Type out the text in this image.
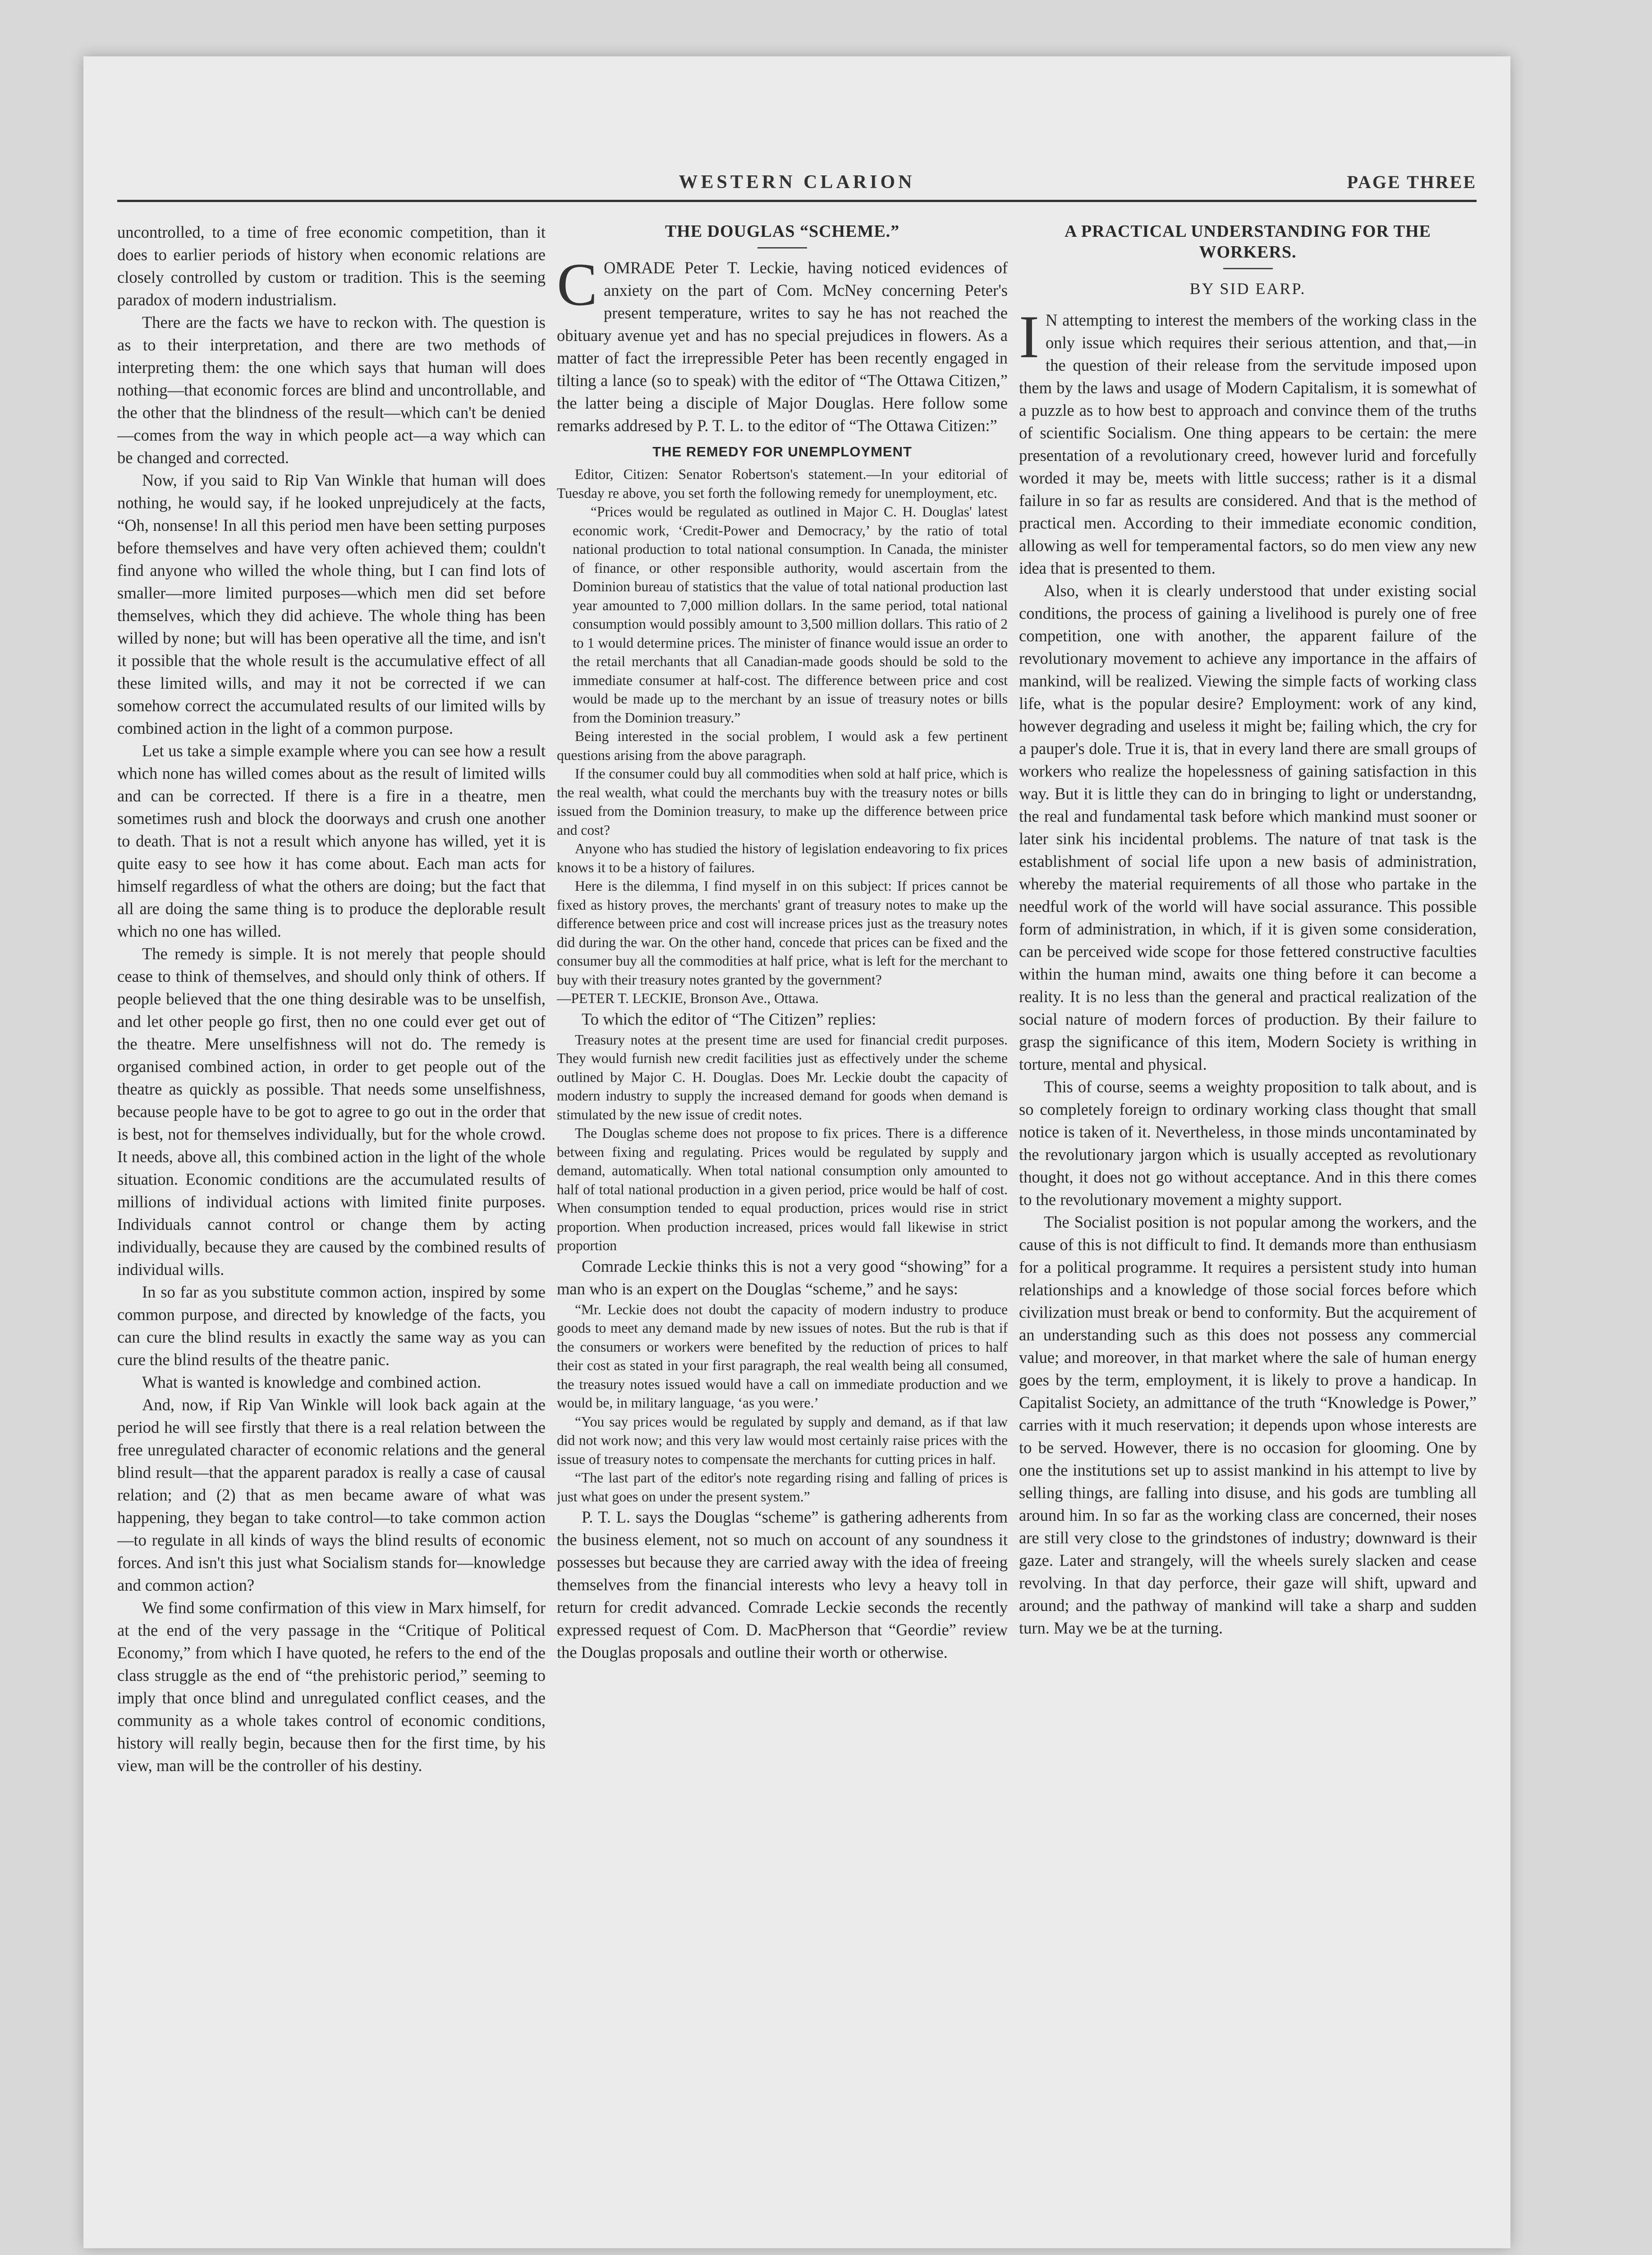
WESTERN CLARION	PAGE THREE

uncontrolled, to a time of free economic competition, than it does to earlier periods of history when economic relations are closely controlled by custom or tradition. This is the seeming paradox of modern industrialism.

There are the facts we have to reckon with. The question is as to their interpretation, and there are two methods of interpreting them: the one which says that human will does nothing—that economic forces are blind and uncontrollable, and the other that the blindness of the result—which can't be denied—comes from the way in which people act—a way which can be changed and corrected.

Now, if you said to Rip Van Winkle that human will does nothing, he would say, if he looked unprejudicely at the facts, “Oh, nonsense! In all this period men have been setting purposes before themselves and have very often achieved them; couldn't find anyone who willed the whole thing, but I can find lots of smaller—more limited purposes—which men did set before themselves, which they did achieve. The whole thing has been willed by none; but will has been operative all the time, and isn't it possible that the whole result is the accumulative effect of all these limited wills, and may it not be corrected if we can somehow correct the accumulated results of our limited wills by combined action in the light of a common purpose.

Let us take a simple example where you can see how a result which none has willed comes about as the result of limited wills and can be corrected. If there is a fire in a theatre, men sometimes rush and block the doorways and crush one another to death. That is not a result which anyone has willed, yet it is quite easy to see how it has come about. Each man acts for himself regardless of what the others are doing; but the fact that all are doing the same thing is to produce the deplorable result which no one has willed.

The remedy is simple. It is not merely that people should cease to think of themselves, and should only think of others. If people believed that the one thing desirable was to be unselfish, and let other people go first, then no one could ever get out of the theatre. Mere unselfishness will not do. The remedy is organised combined action, in order to get people out of the theatre as quickly as possible. That needs some unselfishness, because people have to be got to agree to go out in the order that is best, not for themselves individually, but for the whole crowd. It needs, above all, this combined action in the light of the whole situation. Economic conditions are the accumulated results of millions of individual actions with limited finite purposes. Individuals cannot control or change them by acting individually, because they are caused by the combined results of individual wills.

In so far as you substitute common action, inspired by some common purpose, and directed by knowledge of the facts, you can cure the blind results in exactly the same way as you can cure the blind results of the theatre panic.

What is wanted is knowledge and combined action.

And, now, if Rip Van Winkle will look back again at the period he will see firstly that there is a real relation between the free unregulated character of economic relations and the general blind result—that the apparent paradox is really a case of causal relation; and (2) that as men became aware of what was happening, they began to take control—to take common action—to regulate in all kinds of ways the blind results of economic forces. And isn't this just what Socialism stands for—knowledge and common action?

We find some confirmation of this view in Marx himself, for at the end of the very passage in the “Critique of Political Economy,” from which I have quoted, he refers to the end of the class struggle as the end of “the prehistoric period,” seeming to imply that once blind and unregulated conflict ceases, and the community as a whole takes control of economic conditions, history will really begin, because then for the first time, by his view, man will be the controller of his destiny.

THE DOUGLAS “SCHEME.”

COMRADE Peter T. Leckie, having noticed evidences of anxiety on the part of Com. McNey concerning Peter's present temperature, writes to say he has not reached the obituary avenue yet and has no special prejudices in flowers. As a matter of fact the irrepressible Peter has been recently engaged in tilting a lance (so to speak) with the editor of “The Ottawa Citizen,” the latter being a disciple of Major Douglas. Here follow some remarks addresed by P. T. L. to the editor of “The Ottawa Citizen:”

THE REMEDY FOR UNEMPLOYMENT

Editor, Citizen: Senator Robertson's statement.—In your editorial of Tuesday re above, you set forth the following remedy for unemployment, etc.

“Prices would be regulated as outlined in Major C. H. Douglas' latest economic work, ‘Credit-Power and Democracy,’ by the ratio of total national production to total national consumption. In Canada, the minister of finance, or other responsible authority, would ascertain from the Dominion bureau of statistics that the value of total national production last year amounted to 7,000 million dollars. In the same period, total national consumption would possibly amount to 3,500 million dollars. This ratio of 2 to 1 would determine prices. The minister of finance would issue an order to the retail merchants that all Canadian-made goods should be sold to the immediate consumer at half-cost. The difference between price and cost would be made up to the merchant by an issue of treasury notes or bills from the Dominion treasury.”

Being interested in the social problem, I would ask a few pertinent questions arising from the above paragraph.

If the consumer could buy all commodities when sold at half price, which is the real wealth, what could the merchants buy with the treasury notes or bills issued from the Dominion treasury, to make up the difference between price and cost?

Anyone who has studied the history of legislation endeavoring to fix prices knows it to be a history of failures.

Here is the dilemma, I find myself in on this subject: If prices cannot be fixed as history proves, the merchants' grant of treasury notes to make up the difference between price and cost will increase prices just as the treasury notes did during the war. On the other hand, concede that prices can be fixed and the consumer buy all the commodities at half price, what is left for the merchant to buy with their treasury notes granted by the government?

—PETER T. LECKIE, Bronson Ave., Ottawa.

To which the editor of “The Citizen” replies:

Treasury notes at the present time are used for financial credit purposes. They would furnish new credit facilities just as effectively under the scheme outlined by Major C. H. Douglas. Does Mr. Leckie doubt the capacity of modern industry to supply the increased demand for goods when demand is stimulated by the new issue of credit notes.

The Douglas scheme does not propose to fix prices. There is a difference between fixing and regulating. Prices would be regulated by supply and demand, automatically. When total national consumption only amounted to half of total national production in a given period, price would be half of cost. When consumption tended to equal production, prices would rise in strict proportion. When production increased, prices would fall likewise in strict proportion

Comrade Leckie thinks this is not a very good “showing” for a man who is an expert on the Douglas “scheme,” and he says:

“Mr. Leckie does not doubt the capacity of modern industry to produce goods to meet any demand made by new issues of notes. But the rub is that if the consumers or workers were benefited by the reduction of prices to half their cost as stated in your first paragraph, the real wealth being all consumed, the treasury notes issued would have a call on immediate production and we would be, in military language, ‘as you were.’

“You say prices would be regulated by supply and demand, as if that law did not work now; and this very law would most certainly raise prices with the issue of treasury notes to compensate the merchants for cutting prices in half.

“The last part of the editor's note regarding rising and falling of prices is just what goes on under the present system.”

P. T. L. says the Douglas “scheme” is gathering adherents from the business element, not so much on account of any soundness it possesses but because they are carried away with the idea of freeing themselves from the financial interests who levy a heavy toll in return for credit advanced. Comrade Leckie seconds the recently expressed request of Com. D. MacPherson that “Geordie” review the Douglas proposals and outline their worth or otherwise.

A PRACTICAL UNDERSTANDING FOR THE WORKERS.
BY SID EARP.

I N attempting to interest the members of the working class in the only issue which requires their serious attention, and that,—in the question of their release from the servitude imposed upon them by the laws and usage of Modern Capitalism, it is somewhat of a puzzle as to how best to approach and convince them of the truths of scientific Socialism. One thing appears to be certain: the mere presentation of a revolutionary creed, however lurid and forcefully worded it may be, meets with little success; rather is it a dismal failure in so far as results are considered. And that is the method of practical men. According to their immediate economic condition, allowing as well for temperamental factors, so do men view any new idea that is presented to them.

Also, when it is clearly understood that under existing social conditions, the process of gaining a livelihood is purely one of free competition, one with another, the apparent failure of the revolutionary movement to achieve any importance in the affairs of mankind, will be realized. Viewing the simple facts of working class life, what is the popular desire? Employment: work of any kind, however degrading and useless it might be; failing which, the cry for a pauper's dole. True it is, that in every land there are small groups of workers who realize the hopelessness of gaining satisfaction in this way. But it is little they can do in bringing to light or understandng, the real and fundamental task before which mankind must sooner or later sink his incidental problems. The nature of tnat task is the establishment of social life upon a new basis of administration, whereby the material requirements of all those who partake in the needful work of the world will have social assurance. This possible form of administration, in which, if it is given some consideration, can be perceived wide scope for those fettered constructive faculties within the human mind, awaits one thing before it can become a reality. It is no less than the general and practical realization of the social nature of modern forces of production. By their failure to grasp the significance of this item, Modern Society is writhing in torture, mental and physical.

This of course, seems a weighty proposition to talk about, and is so completely foreign to ordinary working class thought that small notice is taken of it. Nevertheless, in those minds uncontaminated by the revolutionary jargon which is usually accepted as revolutionary thought, it does not go without acceptance. And in this there comes to the revolutionary movement a mighty support.

The Socialist position is not popular among the workers, and the cause of this is not difficult to find. It demands more than enthusiasm for a political programme. It requires a persistent study into human relationships and a knowledge of those social forces before which civilization must break or bend to conformity. But the acquirement of an understanding such as this does not possess any commercial value; and moreover, in that market where the sale of human energy goes by the term, employment, it is likely to prove a handicap. In Capitalist Society, an admittance of the truth “Knowledge is Power,” carries with it much reservation; it depends upon whose interests are to be served. However, there is no occasion for glooming. One by one the institutions set up to assist mankind in his attempt to live by selling things, are falling into disuse, and his gods are tumbling all around him. In so far as the working class are concerned, their noses are still very close to the grindstones of industry; downward is their gaze. Later and strangely, will the wheels surely slacken and cease revolving. In that day perforce, their gaze will shift, upward and around; and the pathway of mankind will take a sharp and sudden turn. May we be at the turning.
